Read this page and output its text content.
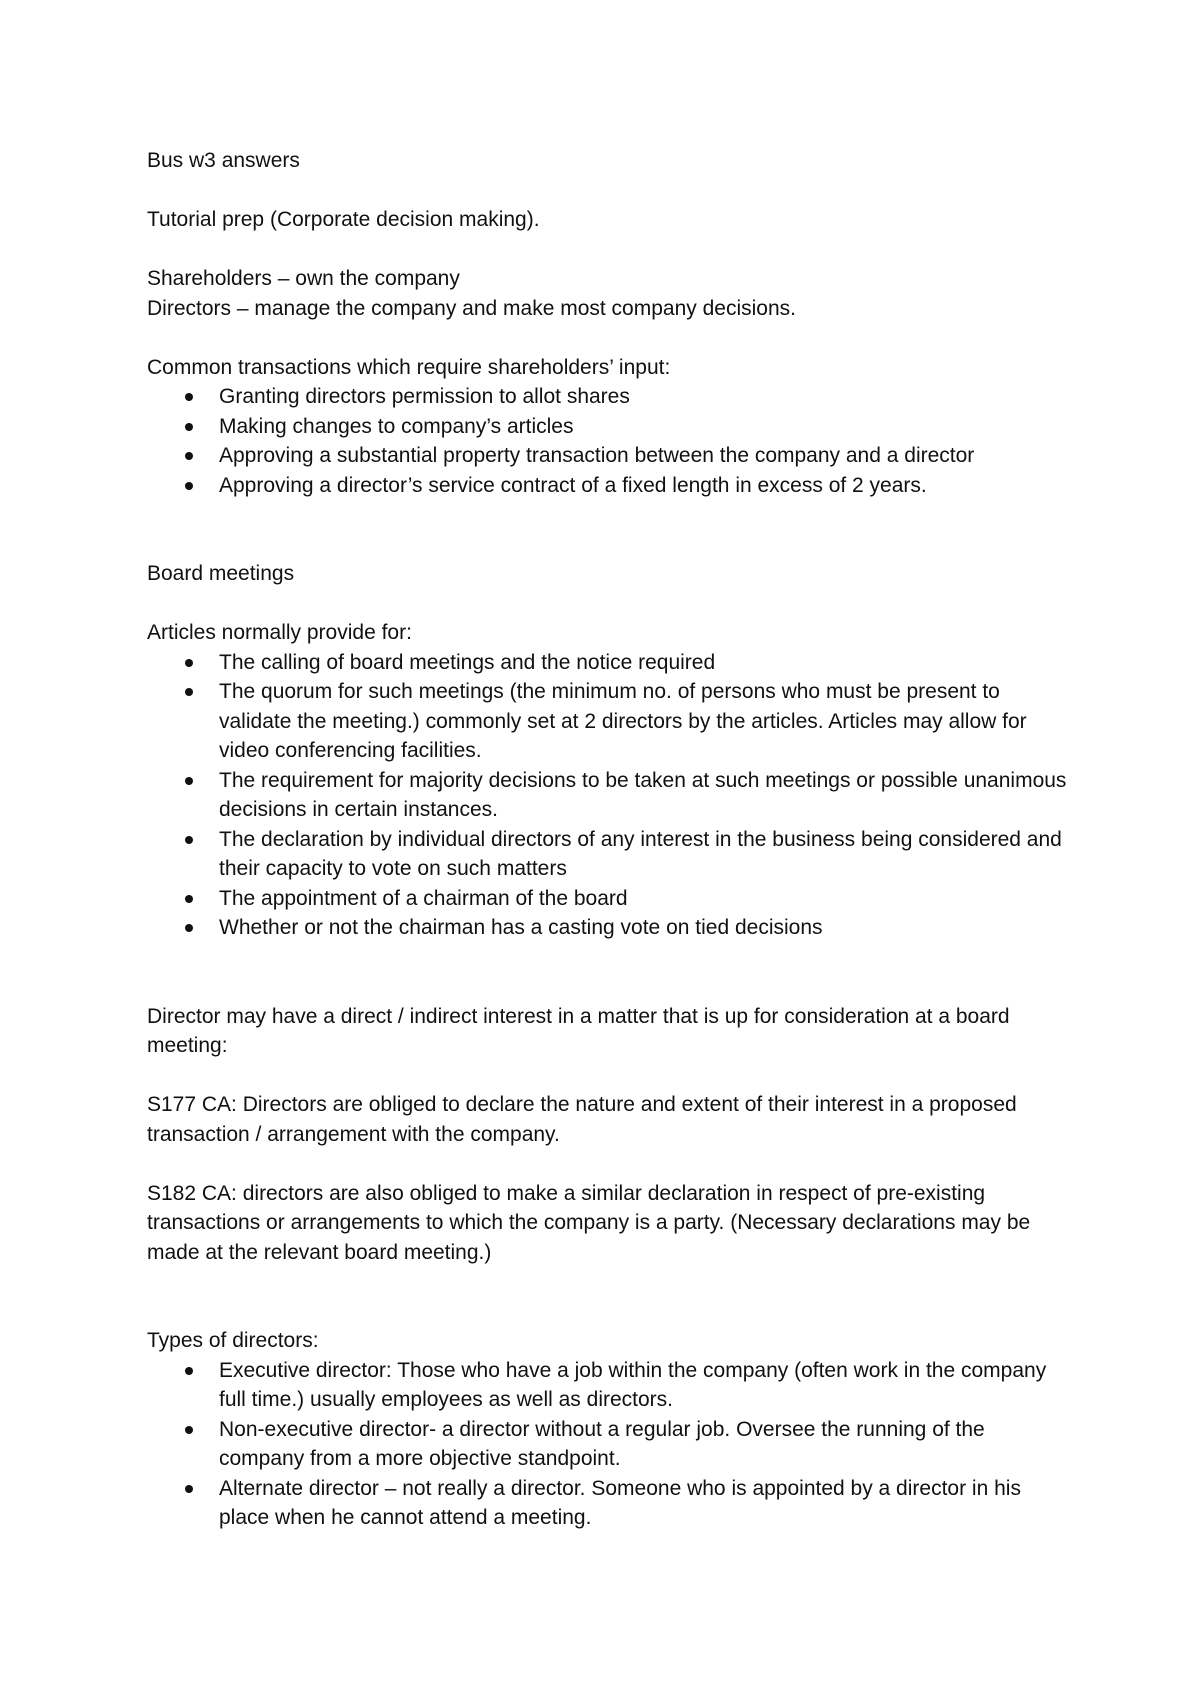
Bus w3 answers

Tutorial prep (Corporate decision making).

Shareholders – own the company

Directors – manage the company and make most company decisions.

Common transactions which require shareholders’ input:

Granting directors permission to allot shares
Making changes to company’s articles
Approving a substantial property transaction between the company and a director
Approving a director’s service contract of a fixed length in excess of 2 years.

Board meetings

Articles normally provide for:

The calling of board meetings and the notice required
The quorum for such meetings (the minimum no. of persons who must be present to validate the meeting.) commonly set at 2 directors by the articles. Articles may allow for video conferencing facilities.
The requirement for majority decisions to be taken at such meetings or possible unanimous decisions in certain instances.
The declaration by individual directors of any interest in the business being considered and their capacity to vote on such matters
The appointment of a chairman of the board
Whether or not the chairman has a casting vote on tied decisions

Director may have a direct / indirect interest in a matter that is up for consideration at a board meeting:

S177 CA: Directors are obliged to declare the nature and extent of their interest in a proposed transaction / arrangement with the company.

S182 CA: directors are also obliged to make a similar declaration in respect of pre-existing transactions or arrangements to which the company is a party. (Necessary declarations may be made at the relevant board meeting.)

Types of directors:

Executive director: Those who have a job within the company (often work in the company full time.) usually employees as well as directors.
Non-executive director- a director without a regular job. Oversee the running of the company from a more objective standpoint.
Alternate director – not really a director. Someone who is appointed by a director in his place when he cannot attend a meeting.
